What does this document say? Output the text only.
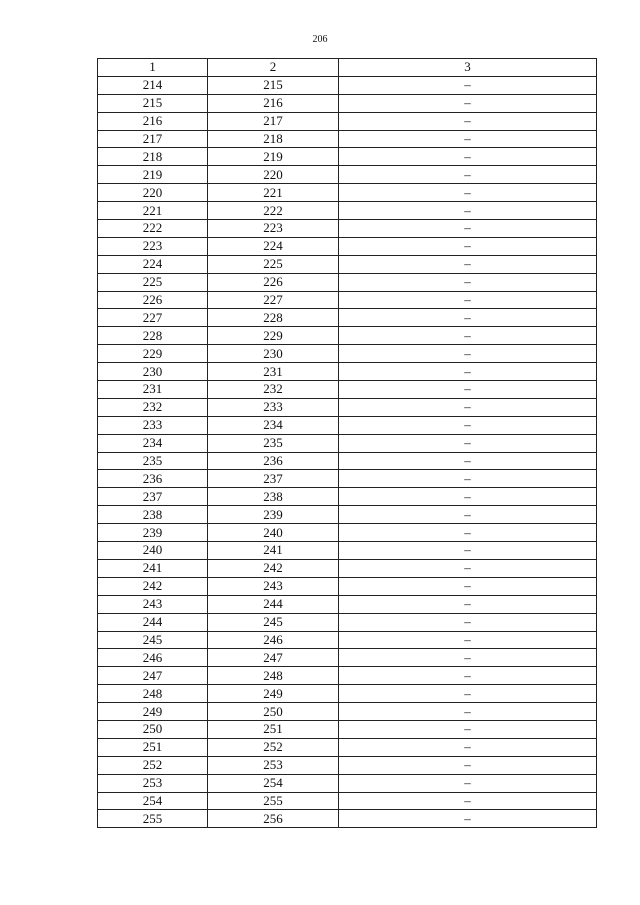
206
1	2	3
214	215	–
215	216	–
216	217	–
217	218	–
218	219	–
219	220	–
220	221	–
221	222	–
222	223	–
223	224	–
224	225	–
225	226	–
226	227	–
227	228	–
228	229	–
229	230	–
230	231	–
231	232	–
232	233	–
233	234	–
234	235	–
235	236	–
236	237	–
237	238	–
238	239	–
239	240	–
240	241	–
241	242	–
242	243	–
243	244	–
244	245	–
245	246	–
246	247	–
247	248	–
248	249	–
249	250	–
250	251	–
251	252	–
252	253	–
253	254	–
254	255	–
255	256	–
